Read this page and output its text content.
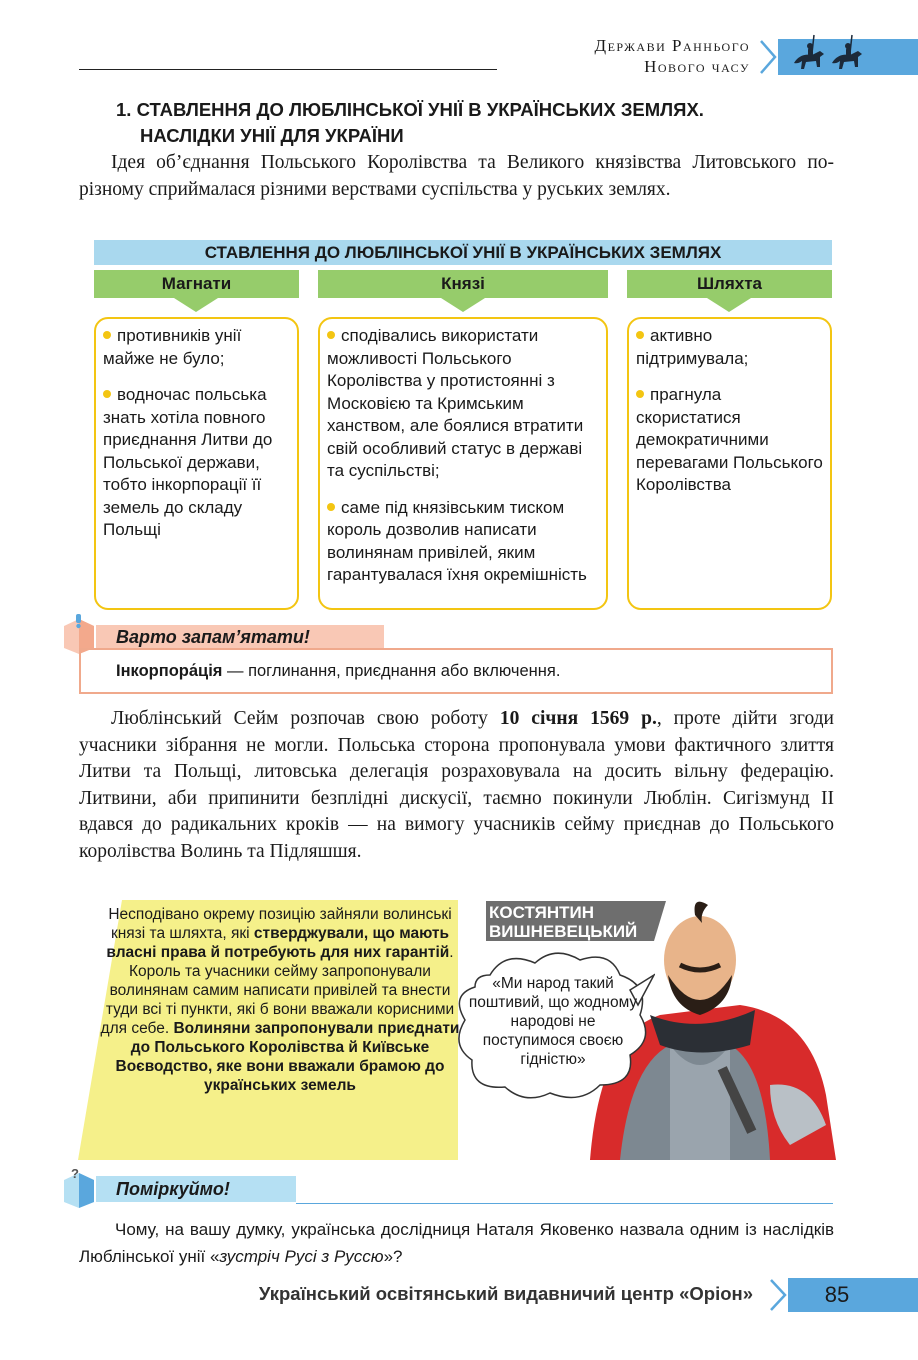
Держави Раннього
Нового часу
1. СТАВЛЕННЯ ДО ЛЮБЛІНСЬКОЇ УНІЇ В УКРАЇНСЬКИХ ЗЕМЛЯХ.
НАСЛІДКИ УНІЇ ДЛЯ УКРАЇНИ
Ідея об’єднання Польського Королівства та Великого князівства Литовського по-різному сприймалася різними верствами суспільства у руських землях.
СТАВЛЕННЯ ДО ЛЮБЛІНСЬКОЇ УНІЇ В УКРАЇНСЬКИХ ЗЕМЛЯХ
Магнати	Князі	Шляхта

противників унії майже не було;

водночас польська знать хотіла повного приєднання Литви до Польської держави, тобто інкорпорації її земель до складу Польщі

сподівались використати можливості Польського Королівства у протистоянні з Московією та Кримським ханством, але боялися втратити свій особливий статус в державі та суспільстві;

саме під князівським тиском король дозволив написати волинянам привілей, яким гарантувалася їхня окремішність

активно підтримувала;

прагнула скористатися демократичними перевагами Польського Королівства

Варто запам’ятати!
Інкорпора́ція — поглинання, приєднання або включення.
Люблінський Сейм розпочав свою роботу 10 січня 1569 р., проте дійти згоди учасники зібрання не могли. Польська сторона пропонувала умови фактичного злиття Литви та Польщі, литовська делегація розраховувала на досить вільну федерацію. Литвини, аби припинити безплідні дискусії, таємно покинули Люблін. Сигізмунд II вдався до радикальних кроків — на вимогу учасників сейму приєднав до Польського королівства Волинь та Підляшшя.
Несподівано окрему позицію зайняли волинські князі та шляхта, які стверджували, що мають власні права й потребують для них гарантій. Король та учасники сейму запропонували волинянам самим написати привілей та внести туди всі ті пункти, які б вони вважали корисними для себе. Волиняни запропонували приєднати до Польського Королівства й Київське Воєводство, яке вони вважали брамою до українських земель
КОСТЯНТИН
ВИШНЕВЕЦЬКИЙ
«Ми народ такий поштивий, що жодному народові не поступимося своєю гідністю»
?
Поміркуймо!
Чому, на вашу думку, українська дослідниця Наталя Яковенко назвала одним із наслідків Люблінської унії «зустріч Русі з Руссю»?
Український освітянський видавничий центр «Оріон»	85
